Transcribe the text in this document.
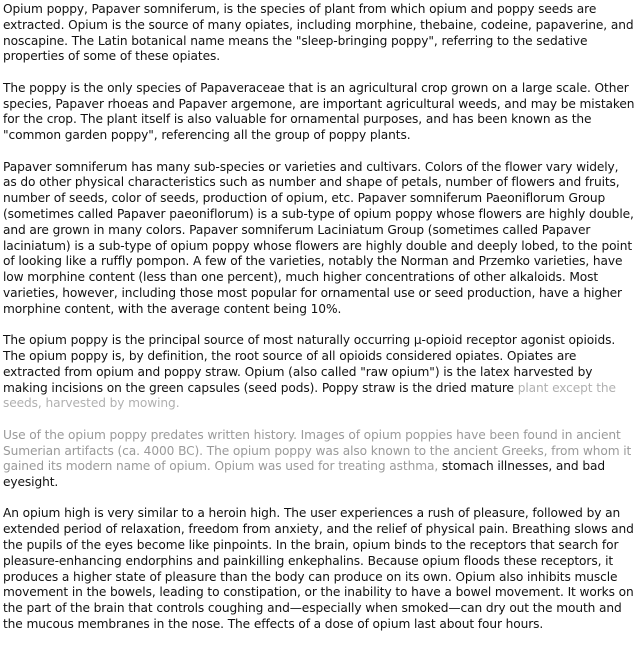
Opium poppy, Papaver somniferum, is the species of plant from which opium and poppy seeds are extracted. Opium is the source of many opiates, including morphine, thebaine, codeine, papaverine, and noscapine. The Latin botanical name means the "sleep-bringing poppy", referring to the sedative properties of some of these opiates.

The poppy is the only species of Papaveraceae that is an agricultural crop grown on a large scale. Other species, Papaver rhoeas and Papaver argemone, are important agricultural weeds, and may be mistaken for the crop. The plant itself is also valuable for ornamental purposes, and has been known as the "common garden poppy", referencing all the group of poppy plants.

Papaver somniferum has many sub-species or varieties and cultivars. Colors of the flower vary widely, as do other physical characteristics such as number and shape of petals, number of flowers and fruits, number of seeds, color of seeds, production of opium, etc. Papaver somniferum Paeoniflorum Group (sometimes called Papaver paeoniflorum) is a sub-type of opium poppy whose flowers are highly double, and are grown in many colors. Papaver somniferum Laciniatum Group (sometimes called Papaver laciniatum) is a sub-type of opium poppy whose flowers are highly double and deeply lobed, to the point of looking like a ruffly pompon. A few of the varieties, notably the Norman and Przemko varieties, have low morphine content (less than one percent), much higher concentrations of other alkaloids. Most varieties, however, including those most popular for ornamental use or seed production, have a higher morphine content, with the average content being 10%.

The opium poppy is the principal source of most naturally occurring μ-opioid receptor agonist opioids. The opium poppy is, by definition, the root source of all opioids considered opiates. Opiates are extracted from opium and poppy straw. Opium (also called "raw opium") is the latex harvested by making incisions on the green capsules (seed pods). Poppy straw is the dried mature plant except the seeds, harvested by mowing.

Use of the opium poppy predates written history. Images of opium poppies have been found in ancient Sumerian artifacts (ca. 4000 BC). The opium poppy was also known to the ancient Greeks, from whom it gained its modern name of opium. Opium was used for treating asthma, stomach illnesses, and bad eyesight.

An opium high is very similar to a heroin high. The user experiences a rush of pleasure, followed by an extended period of relaxation, freedom from anxiety, and the relief of physical pain. Breathing slows and the pupils of the eyes become like pinpoints. In the brain, opium binds to the receptors that search for pleasure-enhancing endorphins and painkilling enkephalins. Because opium floods these receptors, it produces a higher state of pleasure than the body can produce on its own. Opium also inhibits muscle movement in the bowels, leading to constipation, or the inability to have a bowel movement. It works on the part of the brain that controls coughing and—especially when smoked—can dry out the mouth and the mucous membranes in the nose. The effects of a dose of opium last about four hours.
